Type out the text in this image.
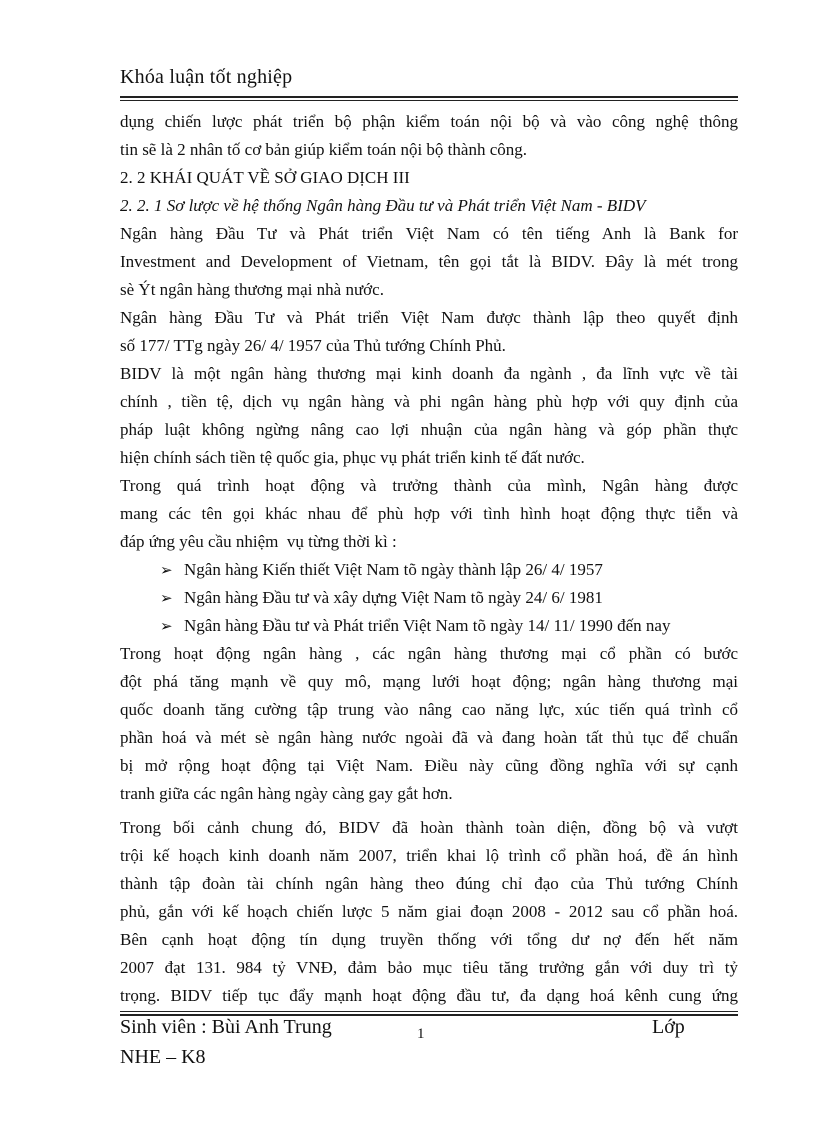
Khóa luận tốt nghiệp
dụng chiến lược phát triển bộ phận kiểm toán nội bộ và vào công nghệ thông
tin sẽ là 2 nhân tố cơ bản giúp kiểm toán nội bộ thành công.
2. 2 KHÁI QUÁT VỀ SỞ GIAO DỊCH III
2. 2. 1 Sơ lược về hệ thống Ngân hàng Đầu tư và Phát triển Việt Nam - BIDV
Ngân hàng Đầu Tư và Phát triển Việt Nam có tên tiếng Anh là Bank for
Investment and Development of Vietnam, tên gọi tắt là BIDV. Đây là mét trong
sè Ýt ngân hàng thương mại nhà nước.
Ngân hàng Đầu Tư và Phát triển Việt Nam được thành lập theo quyết định
số 177/ TTg ngày 26/ 4/ 1957 của Thủ tướng Chính Phủ.
BIDV là một ngân hàng thương mại kinh doanh đa ngành , đa lĩnh vực về tài
chính , tiền tệ, dịch vụ ngân hàng và phi ngân hàng phù hợp với quy định của
pháp luật không ngừng nâng cao lợi nhuận của ngân hàng và góp phần thực
hiện chính sách tiền tệ quốc gia, phục vụ phát triển kinh tế đất nước.
Trong quá trình hoạt động và trưởng thành của mình, Ngân hàng được
mang các tên gọi khác nhau để phù hợp với tình hình hoạt động thực tiễn và
đáp ứng yêu cầu nhiệm  vụ từng thời kì :
➢ Ngân hàng Kiến thiết Việt Nam tõ ngày thành lập 26/ 4/ 1957
➢ Ngân hàng Đầu tư và xây dựng Việt Nam tõ ngày 24/ 6/ 1981
➢ Ngân hàng Đầu tư và Phát triển Việt Nam tõ ngày 14/ 11/ 1990 đến nay
Trong hoạt động ngân hàng , các ngân hàng thương mại cổ phần có bước
đột phá tăng mạnh về quy mô, mạng lưới hoạt động; ngân hàng thương mại
quốc doanh tăng cường tập trung vào nâng cao năng lực, xúc tiến quá trình cổ
phần hoá và mét sè ngân hàng nước ngoài đã và đang hoàn tất thủ tục để chuẩn
bị mở rộng hoạt động tại Việt Nam. Điều này cũng đồng nghĩa với sự cạnh
tranh giữa các ngân hàng ngày càng gay gắt hơn.
Trong bối cảnh chung đó, BIDV đã hoàn thành toàn diện, đồng bộ và vượt
trội kế hoạch kinh doanh năm 2007, triển khai lộ trình cổ phần hoá, đề án hình
thành tập đoàn tài chính ngân hàng theo đúng chỉ đạo của Thủ tướng Chính
phủ, gắn với kế hoạch chiến lược 5 năm giai đoạn 2008 - 2012 sau cổ phần hoá.
Bên cạnh hoạt động tín dụng truyền thống với tổng dư nợ đến hết năm
2007 đạt 131. 984 tỷ VNĐ, đảm bảo mục tiêu tăng trưởng gắn với duy trì tỷ
trọng. BIDV tiếp tục đẩy mạnh hoạt động đầu tư, đa dạng hoá kênh cung ứng
Sinh viên : Bùi Anh Trung	1	Lớp
NHE – K8
